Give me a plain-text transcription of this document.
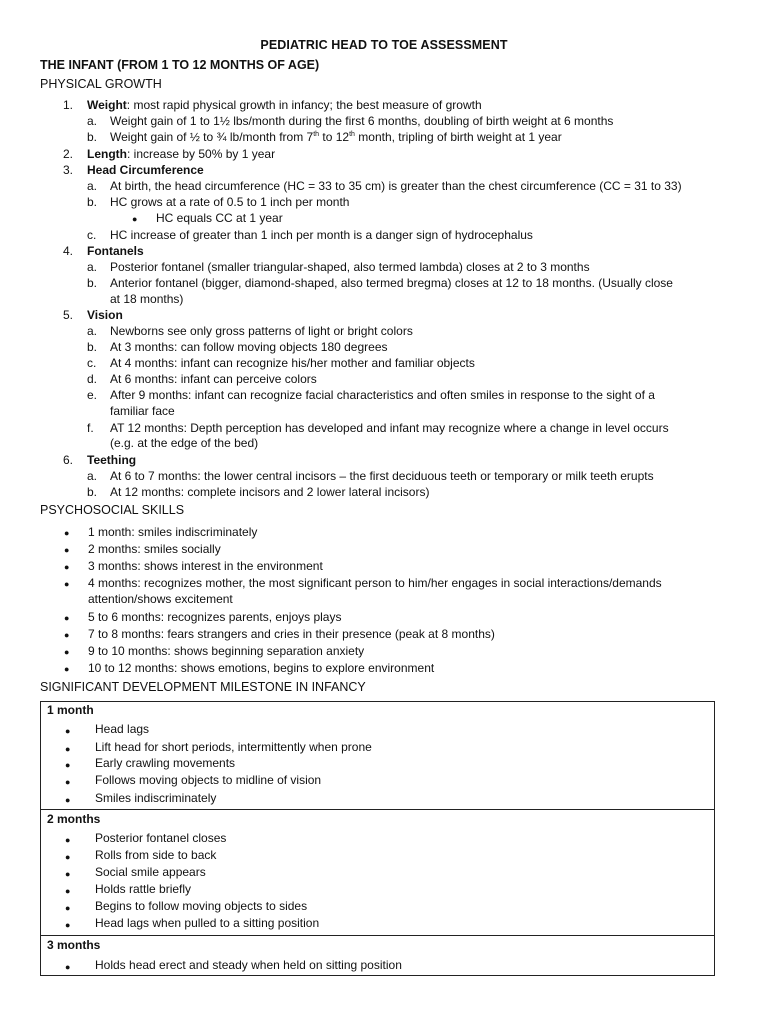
PEDIATRIC HEAD TO TOE ASSESSMENT
THE INFANT (FROM 1 TO 12 MONTHS OF AGE)
PHYSICAL GROWTH
1. Weight: most rapid physical growth in infancy; the best measure of growth
a. Weight gain of 1 to 1½ lbs/month during the first 6 months, doubling of birth weight at 6 months
b. Weight gain of ½ to ¾ lb/month from 7th to 12th month, tripling of birth weight at 1 year
2. Length: increase by 50% by 1 year
3. Head Circumference
a. At birth, the head circumference (HC = 33 to 35 cm) is greater than the chest circumference (CC = 31 to 33)
b. HC grows at a rate of 0.5 to 1 inch per month
● HC equals CC at 1 year
c. HC increase of greater than 1 inch per month is a danger sign of hydrocephalus
4. Fontanels
a. Posterior fontanel (smaller triangular-shaped, also termed lambda) closes at 2 to 3 months
b. Anterior fontanel (bigger, diamond-shaped, also termed bregma) closes at 12 to 18 months. (Usually close
at 18 months)
5. Vision
a. Newborns see only gross patterns of light or bright colors
b. At 3 months: can follow moving objects 180 degrees
c. At 4 months: infant can recognize his/her mother and familiar objects
d. At 6 months: infant can perceive colors
e. After 9 months: infant can recognize facial characteristics and often smiles in response to the sight of a
familiar face
f. AT 12 months: Depth perception has developed and infant may recognize where a change in level occurs
(e.g. at the edge of the bed)
6. Teething
a. At 6 to 7 months: the lower central incisors – the first deciduous teeth or temporary or milk teeth erupts
b. At 12 months: complete incisors and 2 lower lateral incisors)
PSYCHOSOCIAL SKILLS
● 1 month: smiles indiscriminately
● 2 months: smiles socially
● 3 months: shows interest in the environment
● 4 months: recognizes mother, the most significant person to him/her engages in social interactions/demands
attention/shows excitement
● 5 to 6 months: recognizes parents, enjoys plays
● 7 to 8 months: fears strangers and cries in their presence (peak at 8 months)
● 9 to 10 months: shows beginning separation anxiety
● 10 to 12 months: shows emotions, begins to explore environment
SIGNIFICANT DEVELOPMENT MILESTONE IN INFANCY
1 month
● Head lags
● Lift head for short periods, intermittently when prone
● Early crawling movements
● Follows moving objects to midline of vision
● Smiles indiscriminately
2 months
● Posterior fontanel closes
● Rolls from side to back
● Social smile appears
● Holds rattle briefly
● Begins to follow moving objects to sides
● Head lags when pulled to a sitting position
3 months
● Holds head erect and steady when held on sitting position
